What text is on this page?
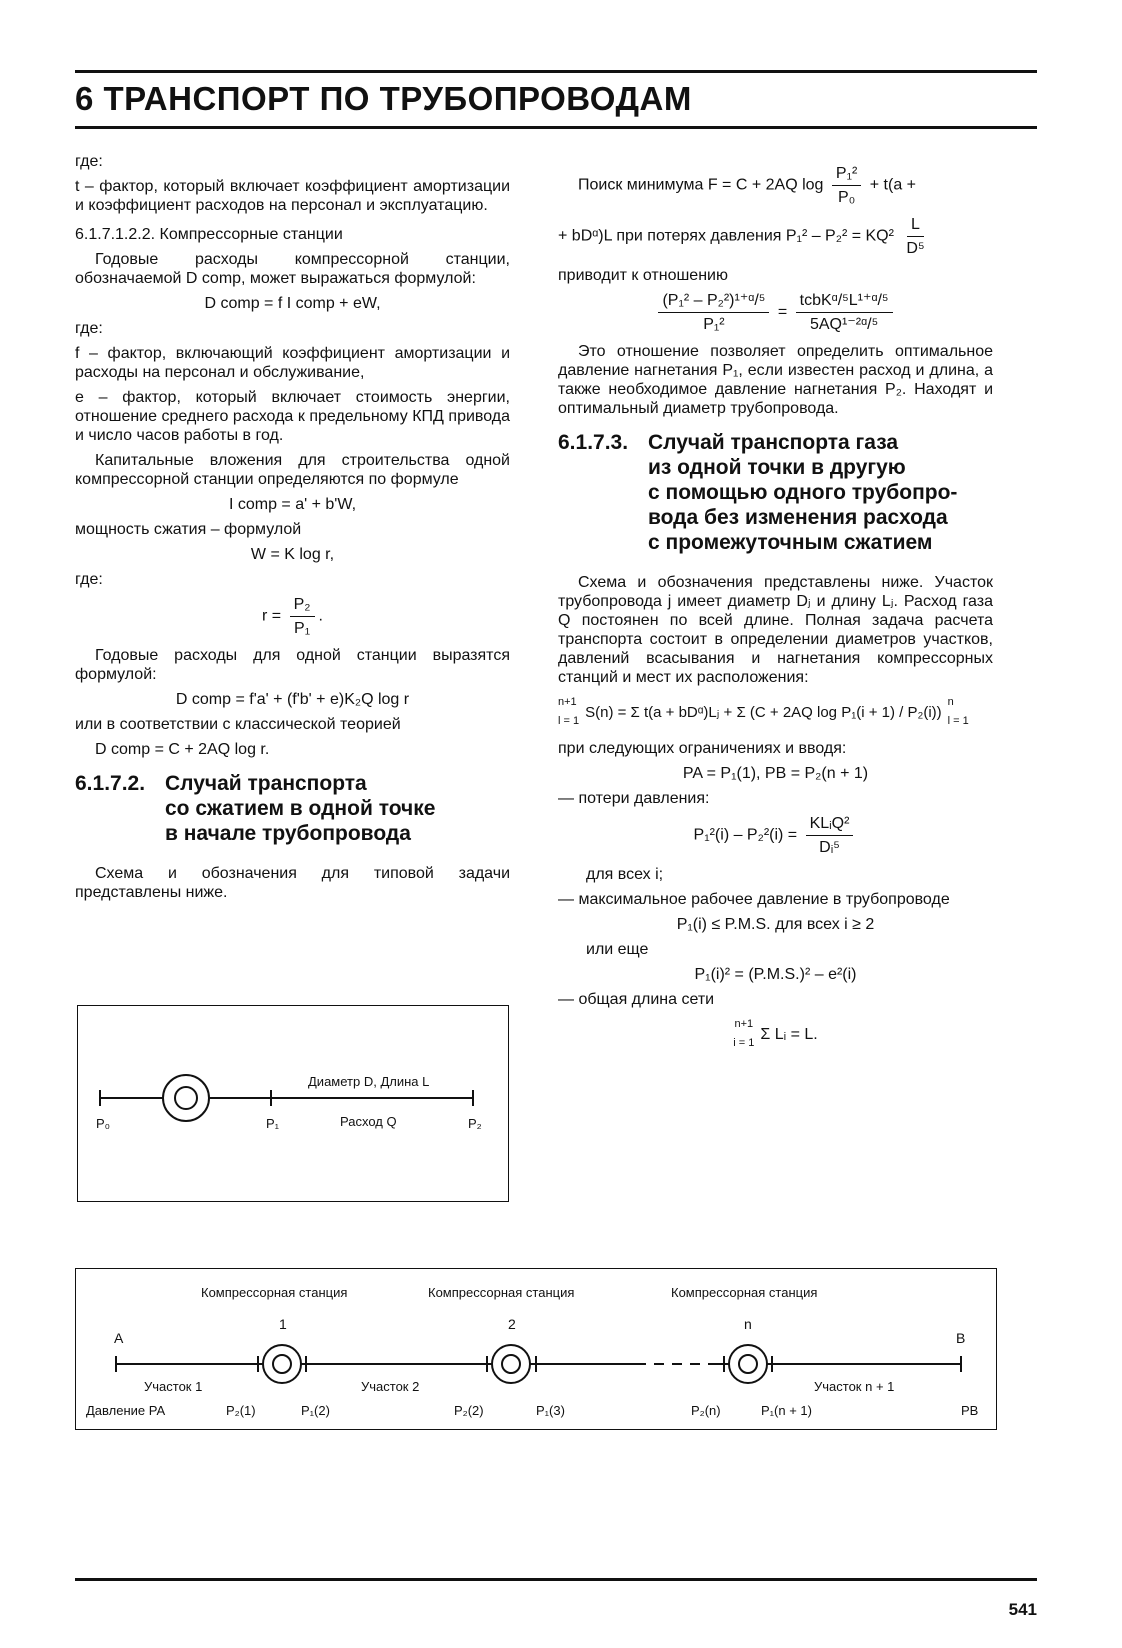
6 ТРАНСПОРТ ПО ТРУБОПРОВОДАМ

где:

t – фактор, который включает коэффициент амортизации и коэффициент расходов на персонал и эксплуатацию.

6.1.7.1.2.2. Компрессорные станции

Годовые расходы компрессорной станции, обозначаемой D comp, может выражаться формулой:

D comp = f I comp + eW,

где:

f – фактор, включающий коэффициент амортизации и расходы на персонал и обслуживание,

e – фактор, который включает стоимость энергии, отношение среднего расхода к предельному КПД привода и число часов работы в год.

Капитальные вложения для строительства одной компрессорной станции определяются по формуле

I comp = a' + b'W,

мощность сжатия – формулой

W = K log r,

где:

$r = \frac{\text{P₂}}{\text{P₁}}$ .

Годовые расходы для одной станции выразятся формулой:

D comp = f'a' + (f'b' + e)K₂Q log r

или в соответствии с классической теорией

D comp = C + 2AQ log r.

6.1.7.2. Случай транспорта
со сжатием в одной точке
в начале трубопровода

Схема и обозначения для типовой задачи представлены ниже.

Диаметр D, Длина L
Расход Q
P₀	P₁	P₂
Поиск минимума F = C + 2AQ $\log \frac{\text{P₁²}}{\text{P₀}} + t(a$ +
+ bDᵅ)L при потерях давления $P_1^2 - P_2^2 = KQ^2 \frac{L}{\text{D⁵}}$

приводит к отношению

$\frac{\text{(P₁² – P₂²)¹⁺ᵅ/⁵}}{\text{P₁²}} = \frac{\text{tcbKᵅ/⁵L¹⁺ᵅ/⁵}}{\text{5AQ¹⁻²ᵅ/⁵}}$

Это отношение позволяет определить оптимальное давление нагнетания P₁, если известен расход и длина, а также необходимое давление нагнетания P₂. Находят и оптимальный диаметр трубопровода.

6.1.7.3. Случай транспорта газа
из одной точки в другую
с помощью одного трубопро-
вода без изменения расхода
с промежуточным сжатием

Схема и обозначения представлены ниже. Участок трубопровода j имеет диаметр Dⱼ и длину Lⱼ. Расход газа Q постоянен по всей длине. Полная задача расчета транспорта состоит в определении диаметров участков, давлений всасывания и нагнетания компрессорных станций и мест их расположения:

n+1
l = 1
S(n) = Σ t(a + bDᵅ)Lⱼ + Σ (C + 2AQ log P₁(i + 1) / P₂(i))
n
l = 1

при следующих ограничениях и вводя:

PA = P₁(1), PB = P₂(n + 1)

— потери давления:

$P_1^2(i) - P_2^2(i) = \frac{\text{KLᵢQ²}}{\text{Dᵢ⁵}}$

для всех i;

— максимальное рабочее давление в трубопроводе

P₁(i) ≤ P.M.S. для всех i ≥ 2

или еще

P₁(i)² = (P.M.S.)² – e²(i)

— общая длина сети

n+1
i = 1
Σ Lᵢ = L.
Компрессорная станция	Компрессорная станция	Компрессорная станция
1	2	n
A	B
Участок 1	Участок 2	Участок n + 1
Давление PA	P₂(1)	P₁(2)	P₂(2)	P₁(3)	P₂(n)	P₁(n + 1)	PB
541
